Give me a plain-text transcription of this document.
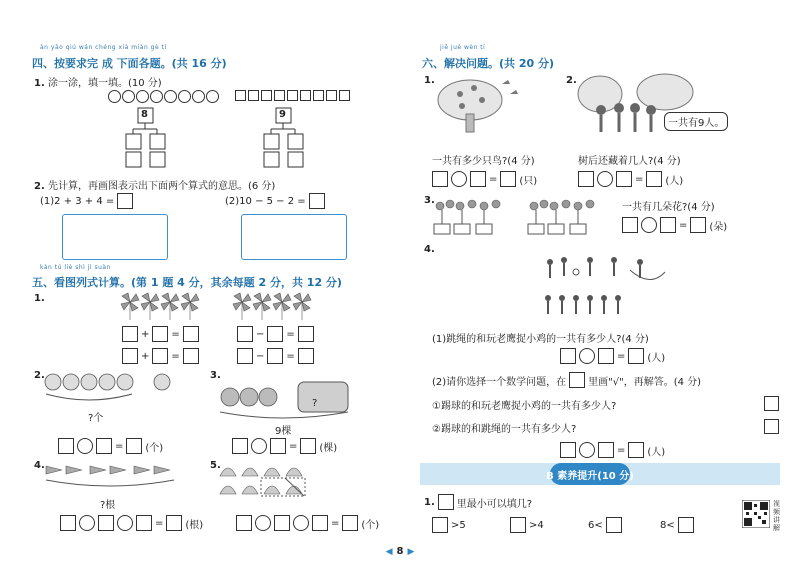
àn yāo qiú wán chéng xià miàn gè tí
四、按要求完 成 下面各题。(共 16 分)
1. 涂一涂，填一填。(10 分)
8	9
2. 先计算，再画图表示出下面两个算式的意思。(6 分)
(1)2 + 3 + 4 =	(2)10 − 5 − 2 =
kàn tú liè shì jì suàn
五、看图列式计算。(第 1 题 4 分，其余每题 2 分，共 12 分)
1.
+ =
+ =
− =
− =
2.
?个
= (个)
3.
?
9棵
= (棵)
4.
?根
= (根)
5.
= (个)
jiě jué wèn tí
六、解决问题。(共 20 分)
1.
一共有多少只鸟?(4 分)
= (只)
2.
一共有9人。
树后还藏着几人?(4 分)
= (人)
3.
一共有几朵花?(4 分)
= (朵)
4.
(1)跳绳的和玩老鹰捉小鸡的一共有多少人?(4 分)
= (人)
(2)请你选择一个数学问题，在 里画"√"，再解答。(4 分)
①踢球的和玩老鹰捉小鸡的一共有多少人?
②踢球的和跳绳的一共有多少人?
= (人)
B 素养提升(10 分)
1. 里最小可以填几?
>5	>4	6<	8<
视频讲解
◀ 8 ▶
